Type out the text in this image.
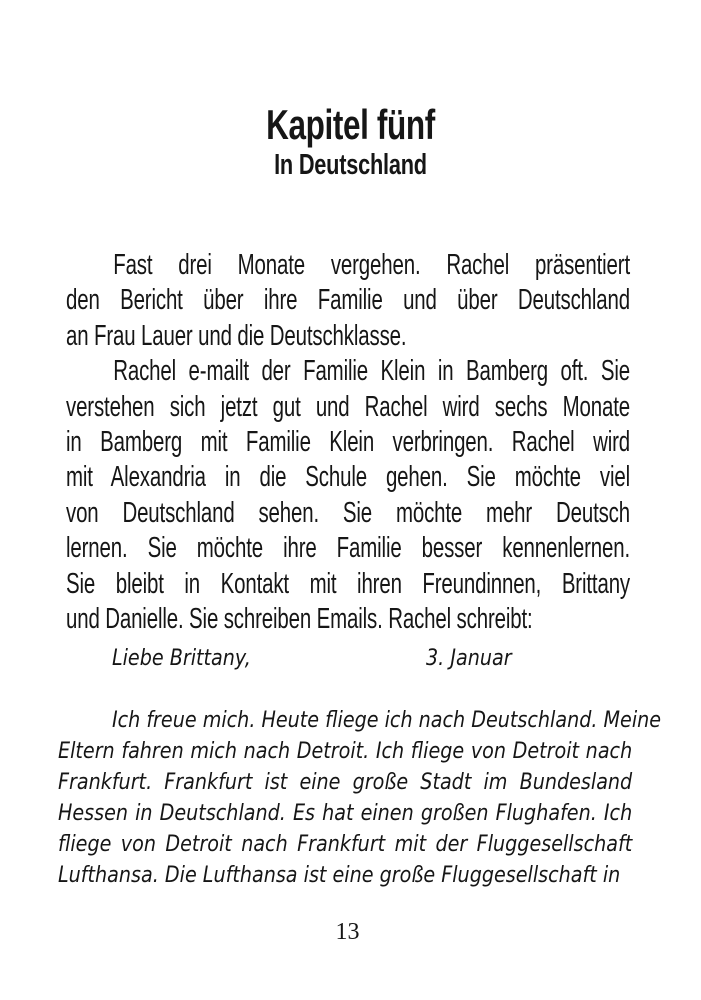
Kapitel fünf
In Deutschland
Fast drei Monate vergehen. Rachel präsentiert
den Bericht über ihre Familie und über Deutschland
an Frau Lauer und die Deutschklasse.
Rachel e-mailt der Familie Klein in Bamberg oft. Sie
verstehen sich jetzt gut und Rachel wird sechs Monate
in Bamberg mit Familie Klein verbringen. Rachel wird
mit Alexandria in die Schule gehen. Sie möchte viel
von Deutschland sehen. Sie möchte mehr Deutsch
lernen. Sie möchte ihre Familie besser kennenlernen.
Sie bleibt in Kontakt mit ihren Freundinnen, Brittany
und Danielle. Sie schreiben Emails. Rachel schreibt:
Liebe Brittany,	3. Januar
Ich freue mich. Heute fliege ich nach Deutschland. Meine
Eltern fahren mich nach Detroit. Ich fliege von Detroit nach
Frankfurt. Frankfurt ist eine große Stadt im Bundesland
Hessen in Deutschland. Es hat einen großen Flughafen. Ich
fliege von Detroit nach Frankfurt mit der Fluggesellschaft
Lufthansa. Die Lufthansa ist eine große Fluggesellschaft in
13
